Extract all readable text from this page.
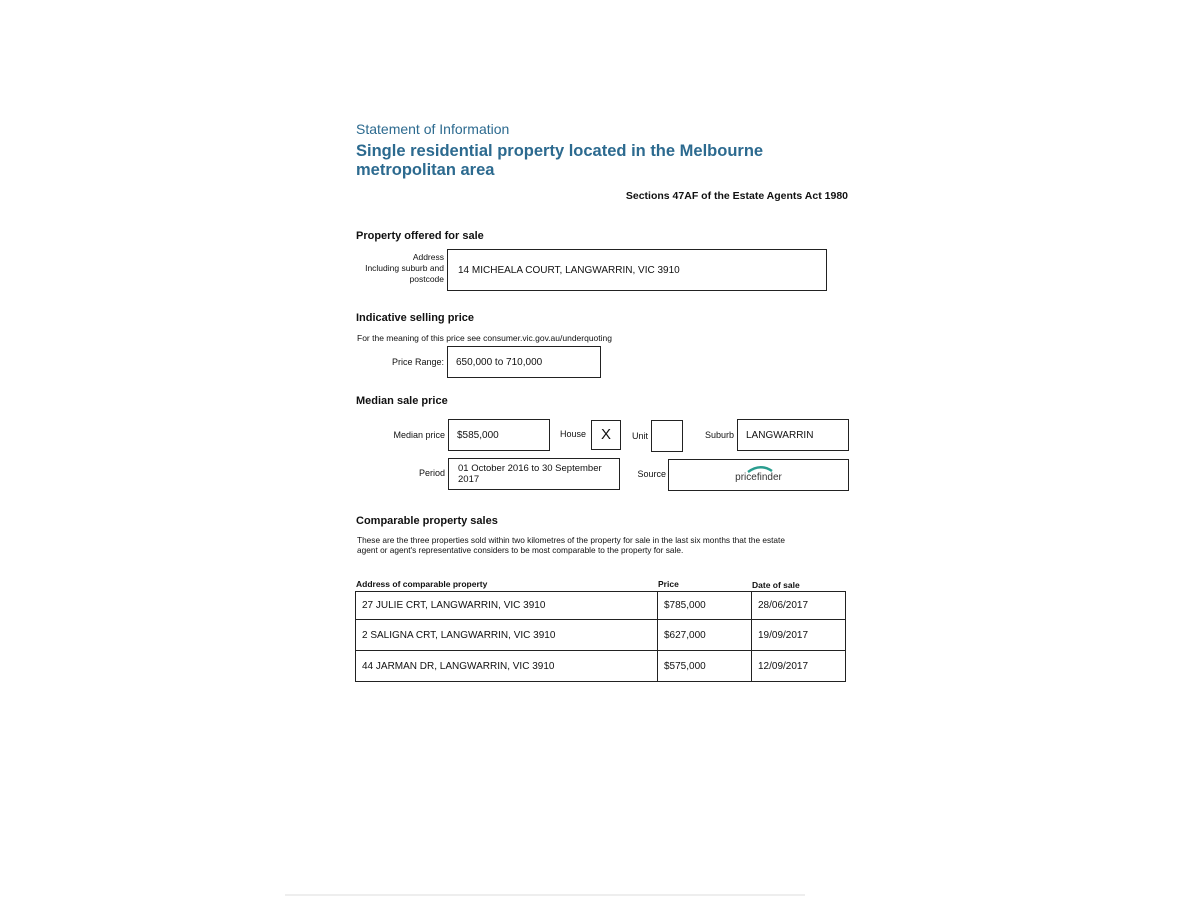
Statement of Information
Single residential property located in the Melbourne
metropolitan area
Sections 47AF of the Estate Agents Act 1980
Property offered for sale
Address
Including suburb and
postcode
14 MICHEALA COURT, LANGWARRIN, VIC 3910
Indicative selling price
For the meaning of this price see consumer.vic.gov.au/underquoting
Price Range: 650,000 to 710,000
Median sale price
Median price $585,000	House X	Unit	Suburb LANGWARRIN
Period 01 October 2016 to 30 September
2017	Source	pricefinder
Comparable property sales
These are the three properties sold within two kilometres of the property for sale in the last six months that the estate
agent or agent's representative considers to be most comparable to the property for sale.
Address of comparable property	Price	Date of sale
27 JULIE CRT, LANGWARRIN, VIC 3910	$785,000	28/06/2017
2 SALIGNA CRT, LANGWARRIN, VIC 3910	$627,000	19/09/2017
44 JARMAN DR, LANGWARRIN, VIC 3910	$575,000	12/09/2017
